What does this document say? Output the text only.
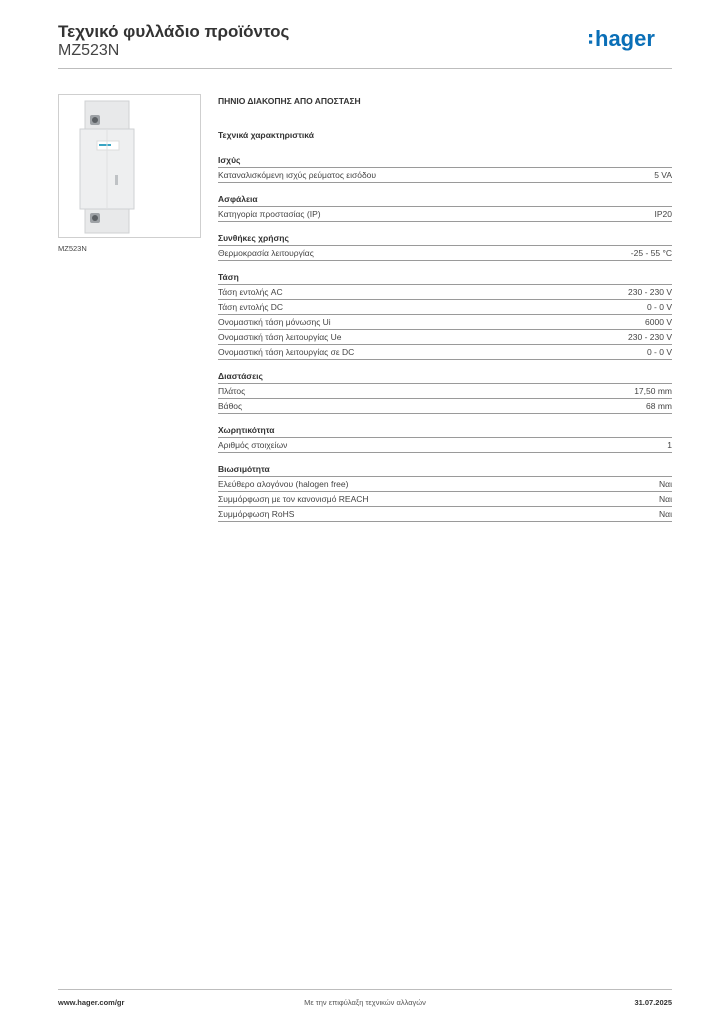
Τεχνικό φυλλάδιο προϊόντος
MZ523N	hager
MZ523N
ΠΗΝΙΟ ΔΙΑΚΟΠΗΣ ΑΠΟ ΑΠΟΣΤΑΣΗ
Τεχνικά χαρακτηριστικά
Ισχύς
Καταναλισκόμενη ισχύς ρεύματος εισόδου	5 VA
Ασφάλεια
Κατηγορία προστασίας (IP)	IP20
Συνθήκες χρήσης
Θερμοκρασία λειτουργίας	-25 - 55 °C
Τάση
Τάση εντολής AC	230 - 230 V
Τάση εντολής DC	0 - 0 V
Ονομαστική τάση μόνωσης Ui	6000 V
Ονομαστική τάση λειτουργίας Ue	230 - 230 V
Ονομαστική τάση λειτουργίας σε DC	0 - 0 V
Διαστάσεις
Πλάτος	17,50 mm
Βάθος	68 mm
Χωρητικότητα
Αριθμός στοιχείων	1
Βιωσιμότητα
Ελεύθερο αλογόνου (halogen free)	Ναι
Συμμόρφωση με τον κανονισμό REACH	Ναι
Συμμόρφωση RoHS	Ναι
www.hager.com/gr	Με την επιφύλαξη τεχνικών αλλαγών	31.07.2025
